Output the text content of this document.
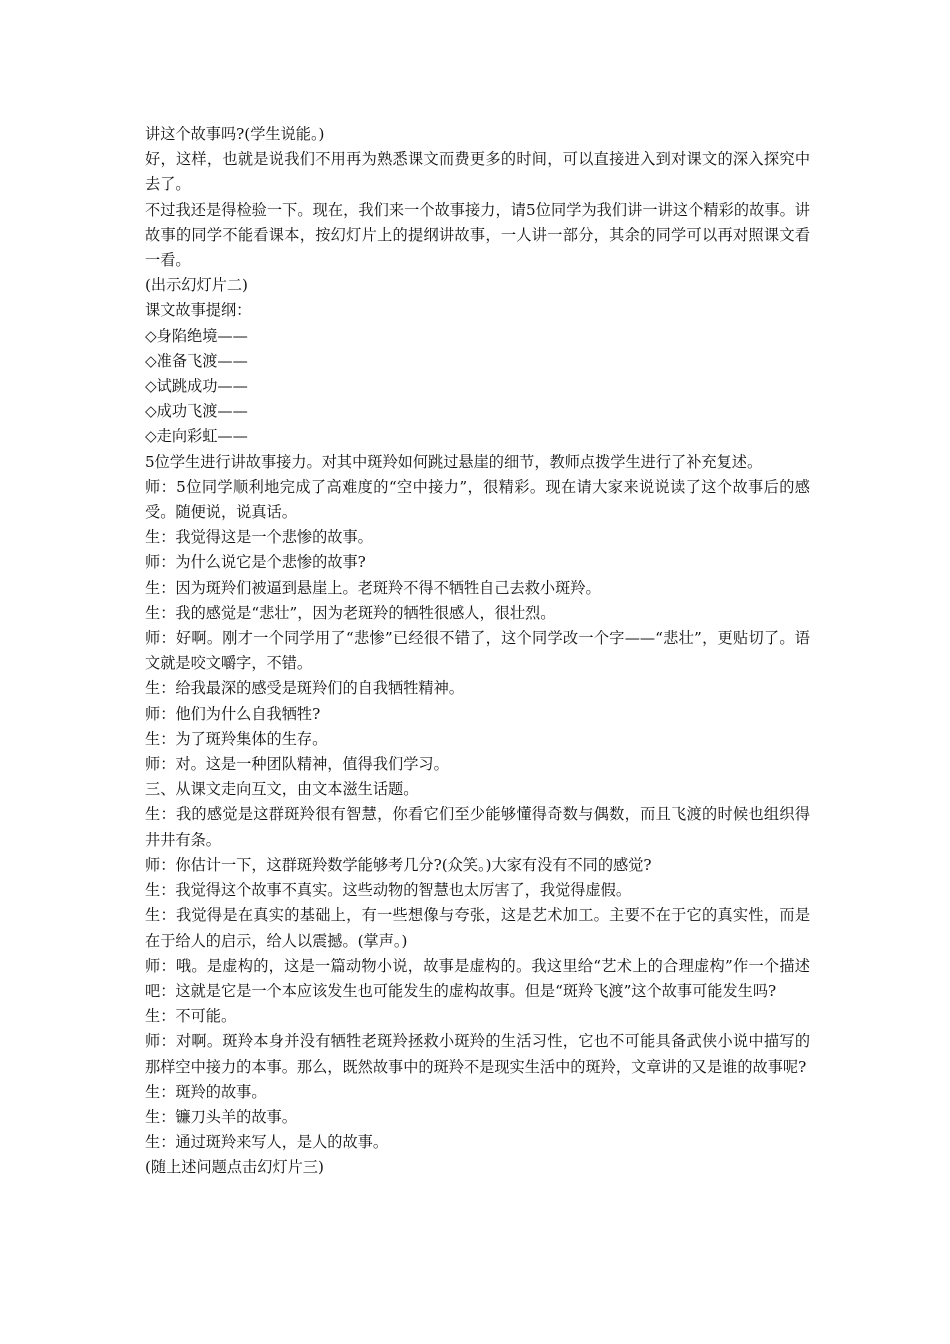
讲这个故事吗?(学生说能。)

好，这样，也就是说我们不用再为熟悉课文而费更多的时间，可以直接进入到对课文的深入探究中去了。

不过我还是得检验一下。现在，我们来一个故事接力，请5位同学为我们讲一讲这个精彩的故事。讲故事的同学不能看课本，按幻灯片上的提纲讲故事，一人讲一部分，其余的同学可以再对照课文看一看。

(出示幻灯片二)

课文故事提纲：

◇身陷绝境——

◇准备飞渡——

◇试跳成功——

◇成功飞渡——

◇走向彩虹——

5位学生进行讲故事接力。对其中斑羚如何跳过悬崖的细节，教师点拨学生进行了补充复述。

师：5位同学顺利地完成了高难度的“空中接力”，很精彩。现在请大家来说说读了这个故事后的感受。随便说，说真话。

生：我觉得这是一个悲惨的故事。

师：为什么说它是个悲惨的故事?

生：因为斑羚们被逼到悬崖上。老斑羚不得不牺牲自己去救小斑羚。

生：我的感觉是“悲壮”，因为老斑羚的牺牲很感人，很壮烈。

师：好啊。刚才一个同学用了“悲惨”已经很不错了，这个同学改一个字——“悲壮”，更贴切了。语文就是咬文嚼字，不错。

生：给我最深的感受是斑羚们的自我牺牲精神。

师：他们为什么自我牺牲?

生：为了斑羚集体的生存。

师：对。这是一种团队精神，值得我们学习。

三、从课文走向互文，由文本滋生话题。

生：我的感觉是这群斑羚很有智慧，你看它们至少能够懂得奇数与偶数，而且飞渡的时候也组织得井井有条。

师：你估计一下，这群斑羚数学能够考几分?(众笑。)大家有没有不同的感觉?

生：我觉得这个故事不真实。这些动物的智慧也太厉害了，我觉得虚假。

生：我觉得是在真实的基础上，有一些想像与夸张，这是艺术加工。主要不在于它的真实性，而是在于给人的启示，给人以震撼。(掌声。)

师：哦。是虚构的，这是一篇动物小说，故事是虚构的。我这里给“艺术上的合理虚构”作一个描述吧：这就是它是一个本应该发生也可能发生的虚构故事。但是“斑羚飞渡”这个故事可能发生吗?

生：不可能。

师：对啊。斑羚本身并没有牺牲老斑羚拯救小斑羚的生活习性，它也不可能具备武侠小说中描写的那样空中接力的本事。那么，既然故事中的斑羚不是现实生活中的斑羚，文章讲的又是谁的故事呢?

生：斑羚的故事。

生：镰刀头羊的故事。

生：通过斑羚来写人，是人的故事。

(随上述问题点击幻灯片三)
